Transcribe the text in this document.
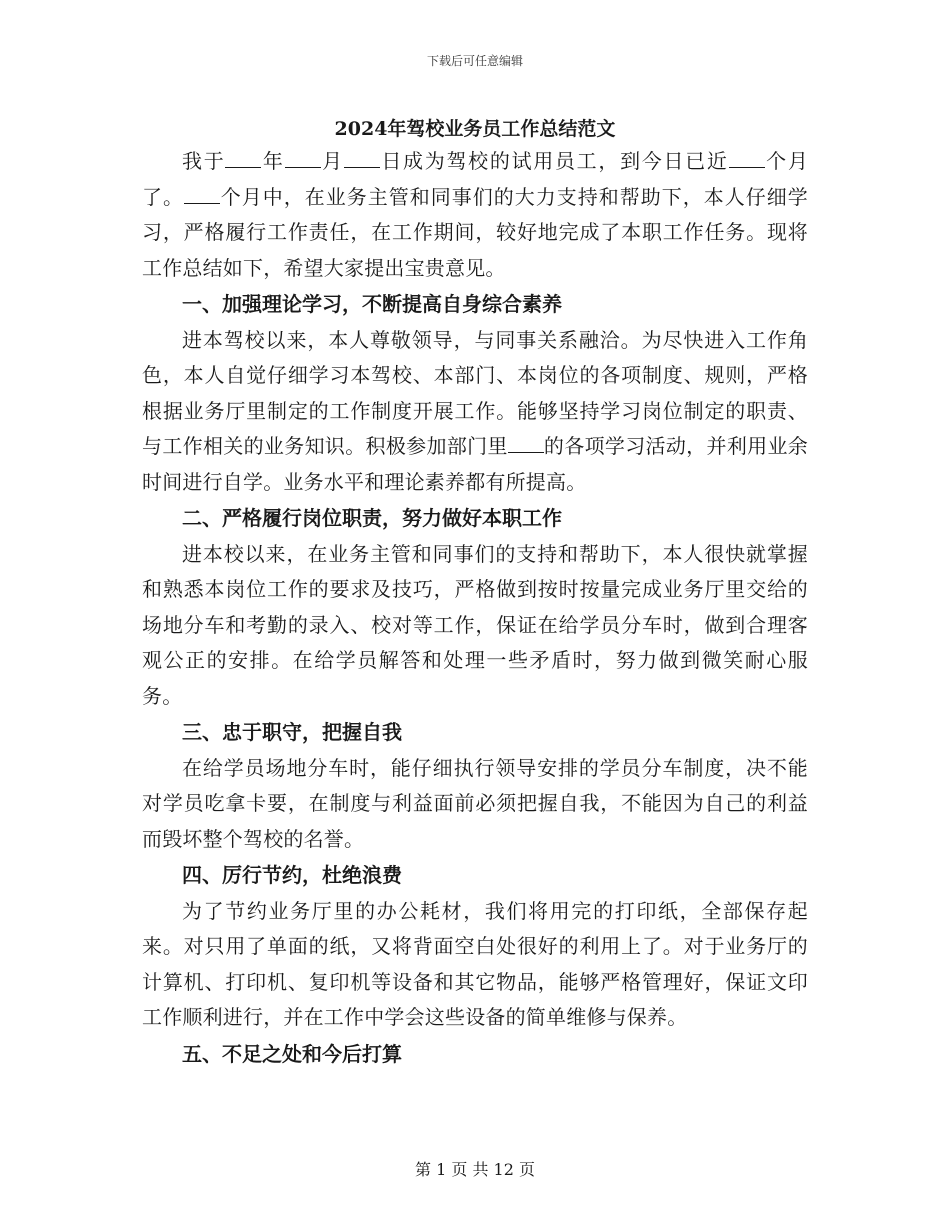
下载后可任意编辑
2024年驾校业务员工作总结范文

我于 年 月 日成为驾校的试用员工，到今日已近 个月了。 个月中，在业务主管和同事们的大力支持和帮助下，本人仔细学习，严格履行工作责任，在工作期间，较好地完成了本职工作任务。现将工作总结如下，希望大家提出宝贵意见。

一、加强理论学习，不断提高自身综合素养

进本驾校以来，本人尊敬领导，与同事关系融洽。为尽快进入工作角色，本人自觉仔细学习本驾校、本部门、本岗位的各项制度、规则，严格根据业务厅里制定的工作制度开展工作。能够坚持学习岗位制定的职责、与工作相关的业务知识。积极参加部门里 的各项学习活动，并利用业余时间进行自学。业务水平和理论素养都有所提高。

二、严格履行岗位职责，努力做好本职工作

进本校以来，在业务主管和同事们的支持和帮助下，本人很快就掌握和熟悉本岗位工作的要求及技巧，严格做到按时按量完成业务厅里交给的场地分车和考勤的录入、校对等工作，保证在给学员分车时，做到合理客观公正的安排。在给学员解答和处理一些矛盾时，努力做到微笑耐心服务。

三、忠于职守，把握自我

在给学员场地分车时，能仔细执行领导安排的学员分车制度，决不能对学员吃拿卡要，在制度与利益面前必须把握自我，不能因为自己的利益而毁坏整个驾校的名誉。

四、厉行节约，杜绝浪费

为了节约业务厅里的办公耗材，我们将用完的打印纸，全部保存起来。对只用了单面的纸，又将背面空白处很好的利用上了。对于业务厅的计算机、打印机、复印机等设备和其它物品，能够严格管理好，保证文印工作顺利进行，并在工作中学会这些设备的简单维修与保养。

五、不足之处和今后打算

第 1 页 共 12 页
